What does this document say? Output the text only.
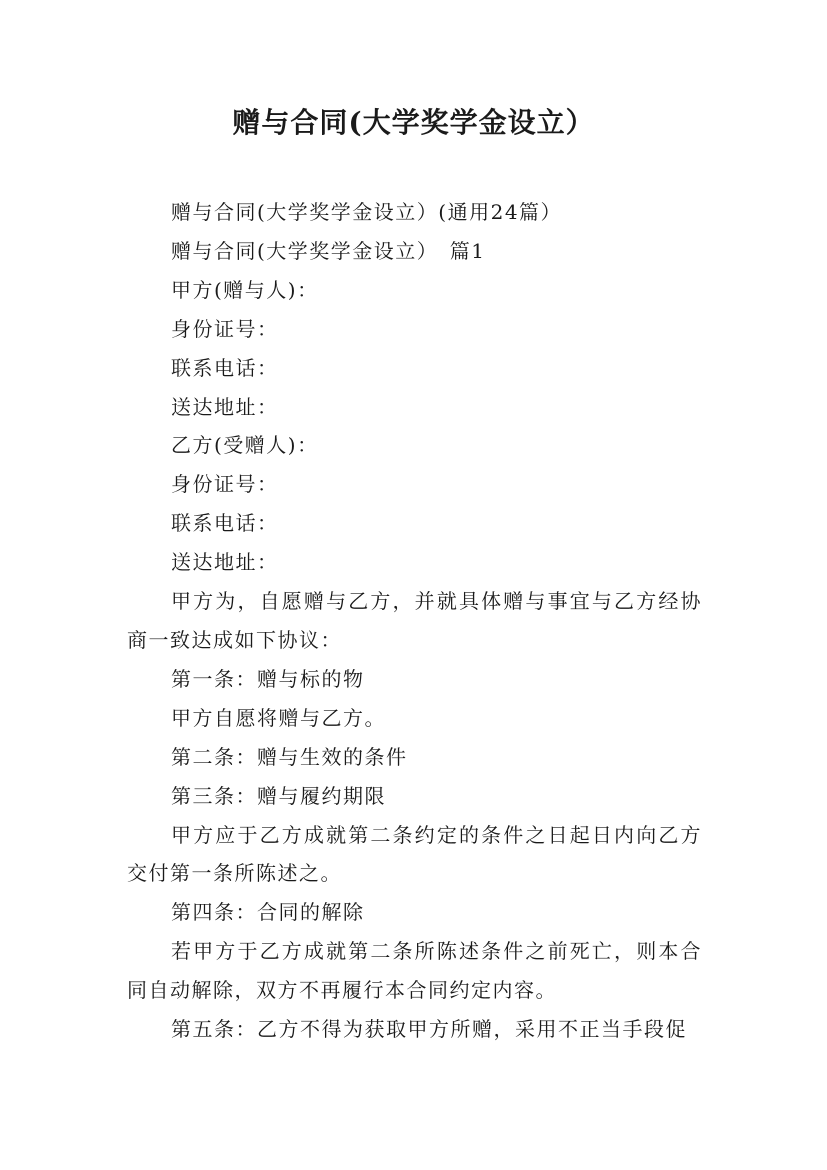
赠与合同(大学奖学金设立）

赠与合同(大学奖学金设立）(通用24篇）

赠与合同(大学奖学金设立）　篇1

甲方(赠与人)：

身份证号：

联系电话：

送达地址：

乙方(受赠人)：

身份证号：

联系电话：

送达地址：

甲方为，自愿赠与乙方，并就具体赠与事宜与乙方经协商一致达成如下协议：

第一条：赠与标的物

甲方自愿将赠与乙方。

第二条：赠与生效的条件

第三条：赠与履约期限

甲方应于乙方成就第二条约定的条件之日起日内向乙方交付第一条所陈述之。

第四条：合同的解除

若甲方于乙方成就第二条所陈述条件之前死亡，则本合同自动解除，双方不再履行本合同约定内容。

第五条：乙方不得为获取甲方所赠，采用不正当手段促
